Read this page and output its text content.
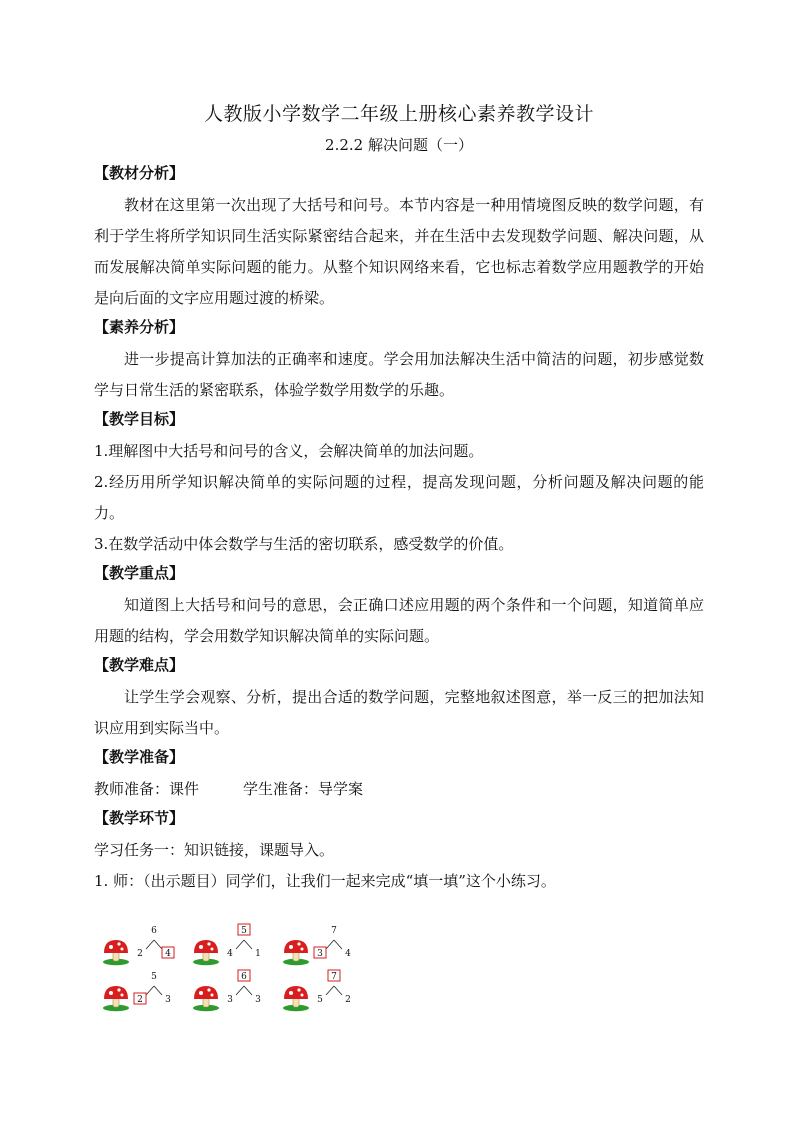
人教版小学数学二年级上册核心素养教学设计
2.2.2 解决问题（一）
【教材分析】

教材在这里第一次出现了大括号和问号。本节内容是一种用情境图反映的数学问题，有利于学生将所学知识同生活实际紧密结合起来，并在生活中去发现数学问题、解决问题，从而发展解决简单实际问题的能力。从整个知识网络来看，它也标志着数学应用题教学的开始是向后面的文字应用题过渡的桥梁。

【素养分析】

进一步提高计算加法的正确率和速度。学会用加法解决生活中简洁的问题，初步感觉数学与日常生活的紧密联系，体验学数学用数学的乐趣。

【教学目标】

1.理解图中大括号和问号的含义，会解决简单的加法问题。

2.经历用所学知识解决简单的实际问题的过程，提高发现问题，分析问题及解决问题的能力。

3.在数学活动中体会数学与生活的密切联系，感受数学的价值。

【教学重点】

知道图上大括号和问号的意思，会正确口述应用题的两个条件和一个问题，知道简单应用题的结构，学会用数学知识解决简单的实际问题。

【教学难点】

让学生学会观察、分析，提出合适的数学问题，完整地叙述图意，举一反三的把加法知识应用到实际当中。

【教学准备】

教师准备：课件	学生准备：导学案

【教学环节】

学习任务一：知识链接，课题导入。

1. 师：（出示题目）同学们，让我们一起来完成“填一填”这个小练习。

6
2 4
5
4 1
7
3 4
5
2 3
6
3 3
7
5 2
